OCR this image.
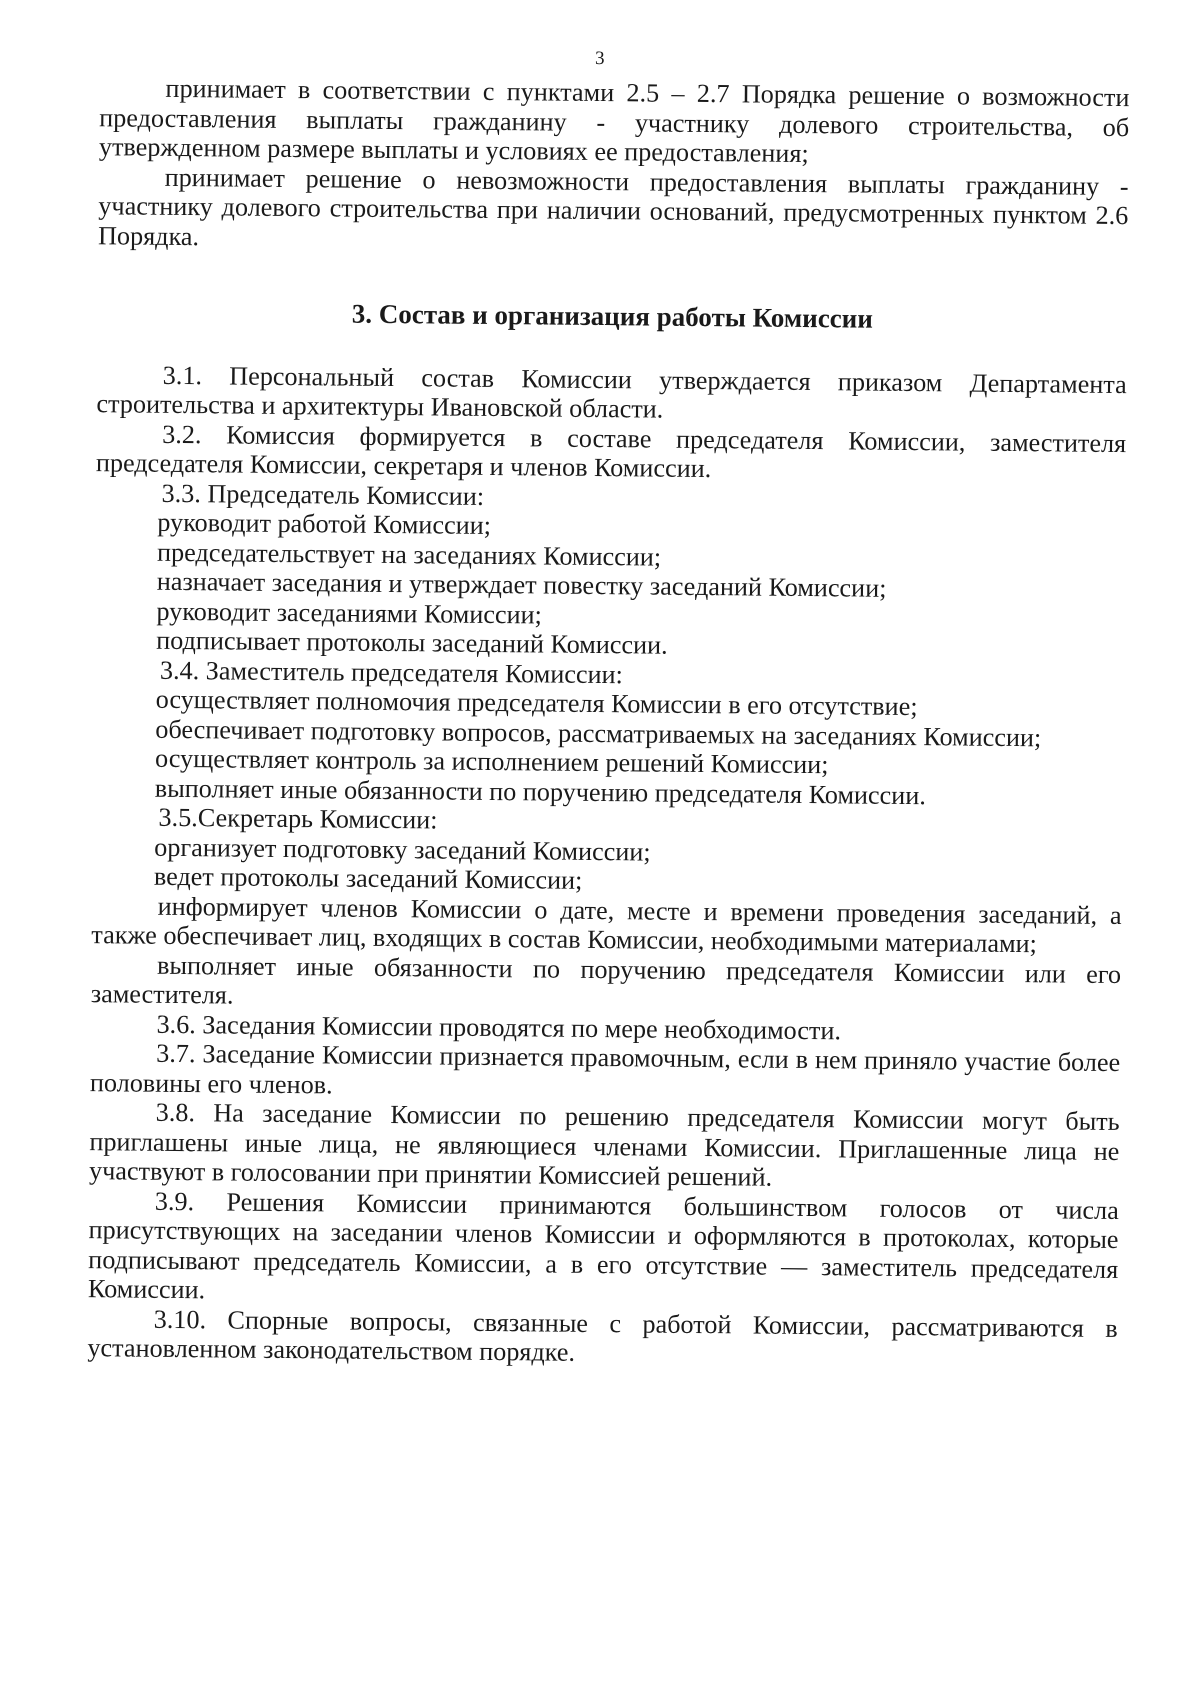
3

принимает в соответствии с пунктами 2.5 – 2.7 Порядка решение о возможности предоставления выплаты гражданину - участнику долевого строительства, об утвержденном размере выплаты и условиях ее предоставления;

принимает решение о невозможности предоставления выплаты гражданину - участнику долевого строительства при наличии оснований, предусмотренных пунктом 2.6 Порядка.

3. Состав и организация работы Комиссии

3.1. Персональный состав Комиссии утверждается приказом Департамента строительства и архитектуры Ивановской области.

3.2. Комиссия формируется в составе председателя Комиссии, заместителя председателя Комиссии, секретаря и членов Комиссии.

3.3. Председатель Комиссии:

руководит работой Комиссии;

председательствует на заседаниях Комиссии;

назначает заседания и утверждает повестку заседаний Комиссии;

руководит заседаниями Комиссии;

подписывает протоколы заседаний Комиссии.

3.4. Заместитель председателя Комиссии:

осуществляет полномочия председателя Комиссии в его отсутствие;

обеспечивает подготовку вопросов, рассматриваемых на заседаниях Комиссии;

осуществляет контроль за исполнением решений Комиссии;

выполняет иные обязанности по поручению председателя Комиссии.

3.5.Секретарь Комиссии:

организует подготовку заседаний Комиссии;

ведет протоколы заседаний Комиссии;

информирует членов Комиссии о дате, месте и времени проведения заседаний, а также обеспечивает лиц, входящих в состав Комиссии, необходимыми материалами;

выполняет иные обязанности по поручению председателя Комиссии или его заместителя.

3.6. Заседания Комиссии проводятся по мере необходимости.

3.7. Заседание Комиссии признается правомочным, если в нем приняло участие более половины его членов.

3.8. На заседание Комиссии по решению председателя Комиссии могут быть приглашены иные лица, не являющиеся членами Комиссии. Приглашенные лица не участвуют в голосовании при принятии Комиссией решений.

3.9. Решения Комиссии принимаются большинством голосов от числа присутствующих на заседании членов Комиссии и оформляются в протоколах, которые подписывают председатель Комиссии, а в его отсутствие — заместитель председателя Комиссии.

3.10. Спорные вопросы, связанные с работой Комиссии, рассматриваются в установленном законодательством порядке.
